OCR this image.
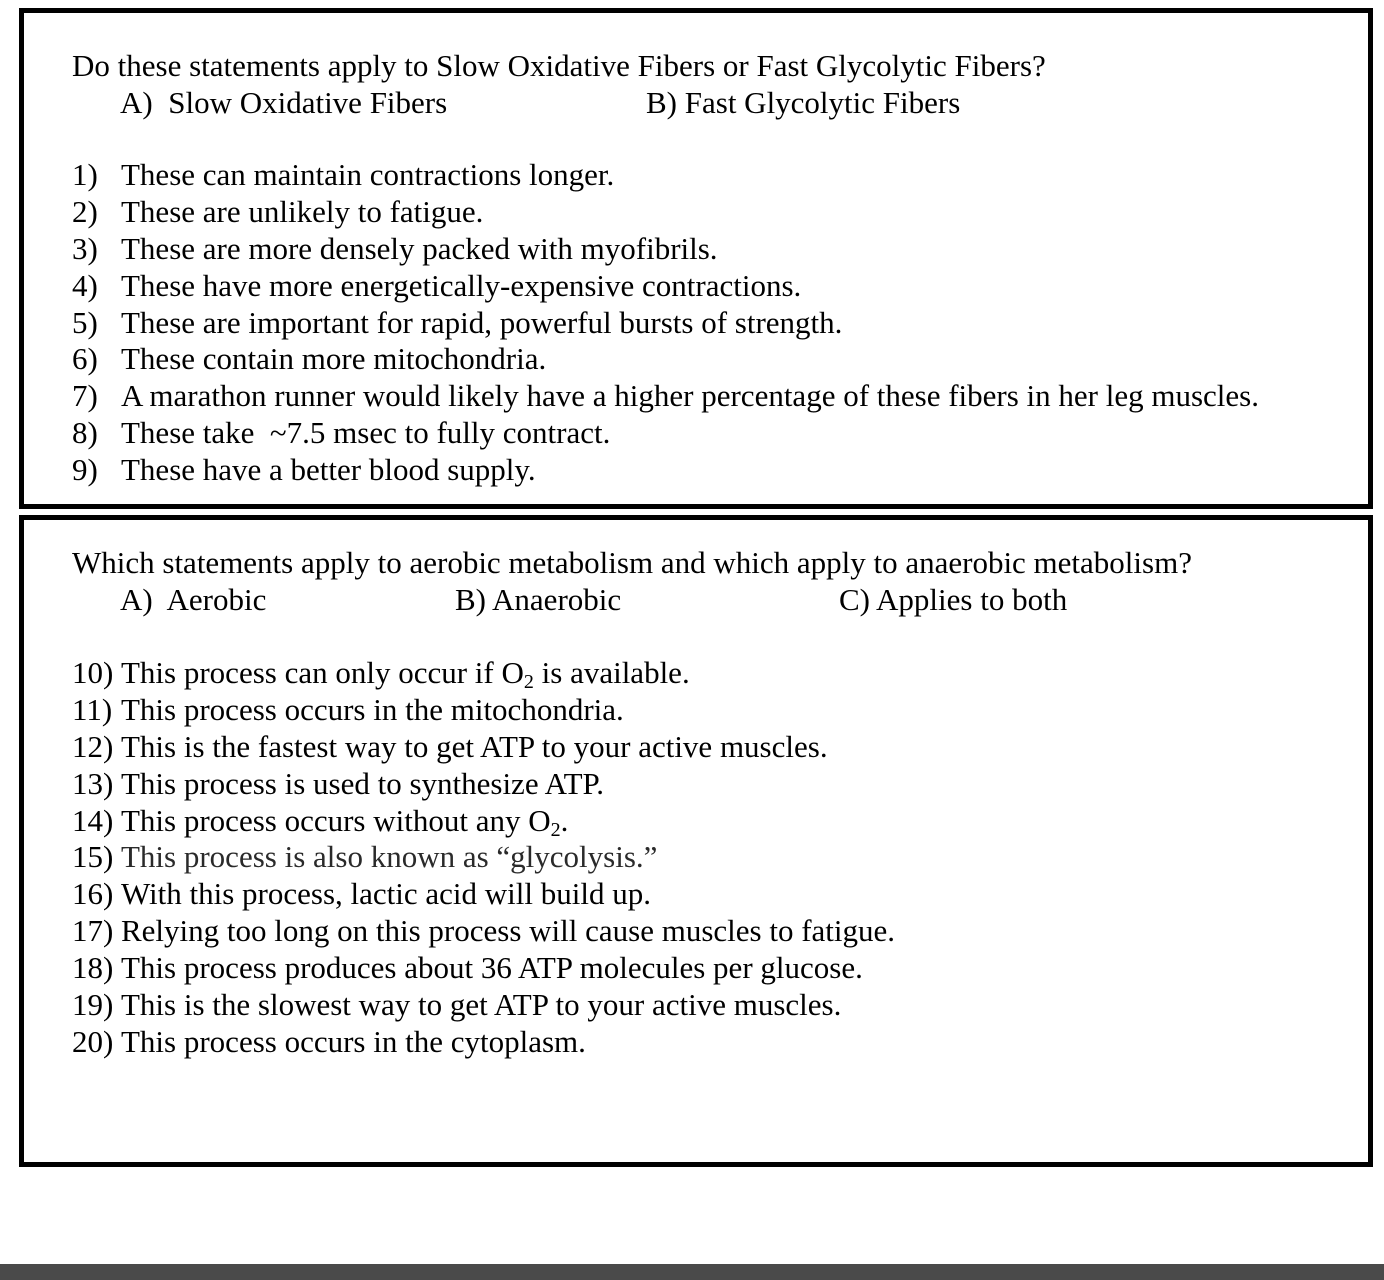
Do these statements apply to Slow Oxidative Fibers or Fast Glycolytic Fibers?
A)  Slow Oxidative Fibers	B) Fast Glycolytic Fibers
1) These can maintain contractions longer.
2) These are unlikely to fatigue.
3) These are more densely packed with myofibrils.
4) These have more energetically-expensive contractions.
5) These are important for rapid, powerful bursts of strength.
6) These contain more mitochondria.
7) A marathon runner would likely have a higher percentage of these fibers in her leg muscles.
8) These take  ~7.5 msec to fully contract.
9) These have a better blood supply.
Which statements apply to aerobic metabolism and which apply to anaerobic metabolism?
A)  Aerobic	B) Anaerobic	C) Applies to both
10) This process can only occur if $O_2$ is available.
11) This process occurs in the mitochondria.
12) This is the fastest way to get ATP to your active muscles.
13) This process is used to synthesize ATP.
14) This process occurs without any $O_2$.
15) This process is also known as “glycolysis.”
16) With this process, lactic acid will build up.
17) Relying too long on this process will cause muscles to fatigue.
18) This process produces about 36 ATP molecules per glucose.
19) This is the slowest way to get ATP to your active muscles.
20) This process occurs in the cytoplasm.
